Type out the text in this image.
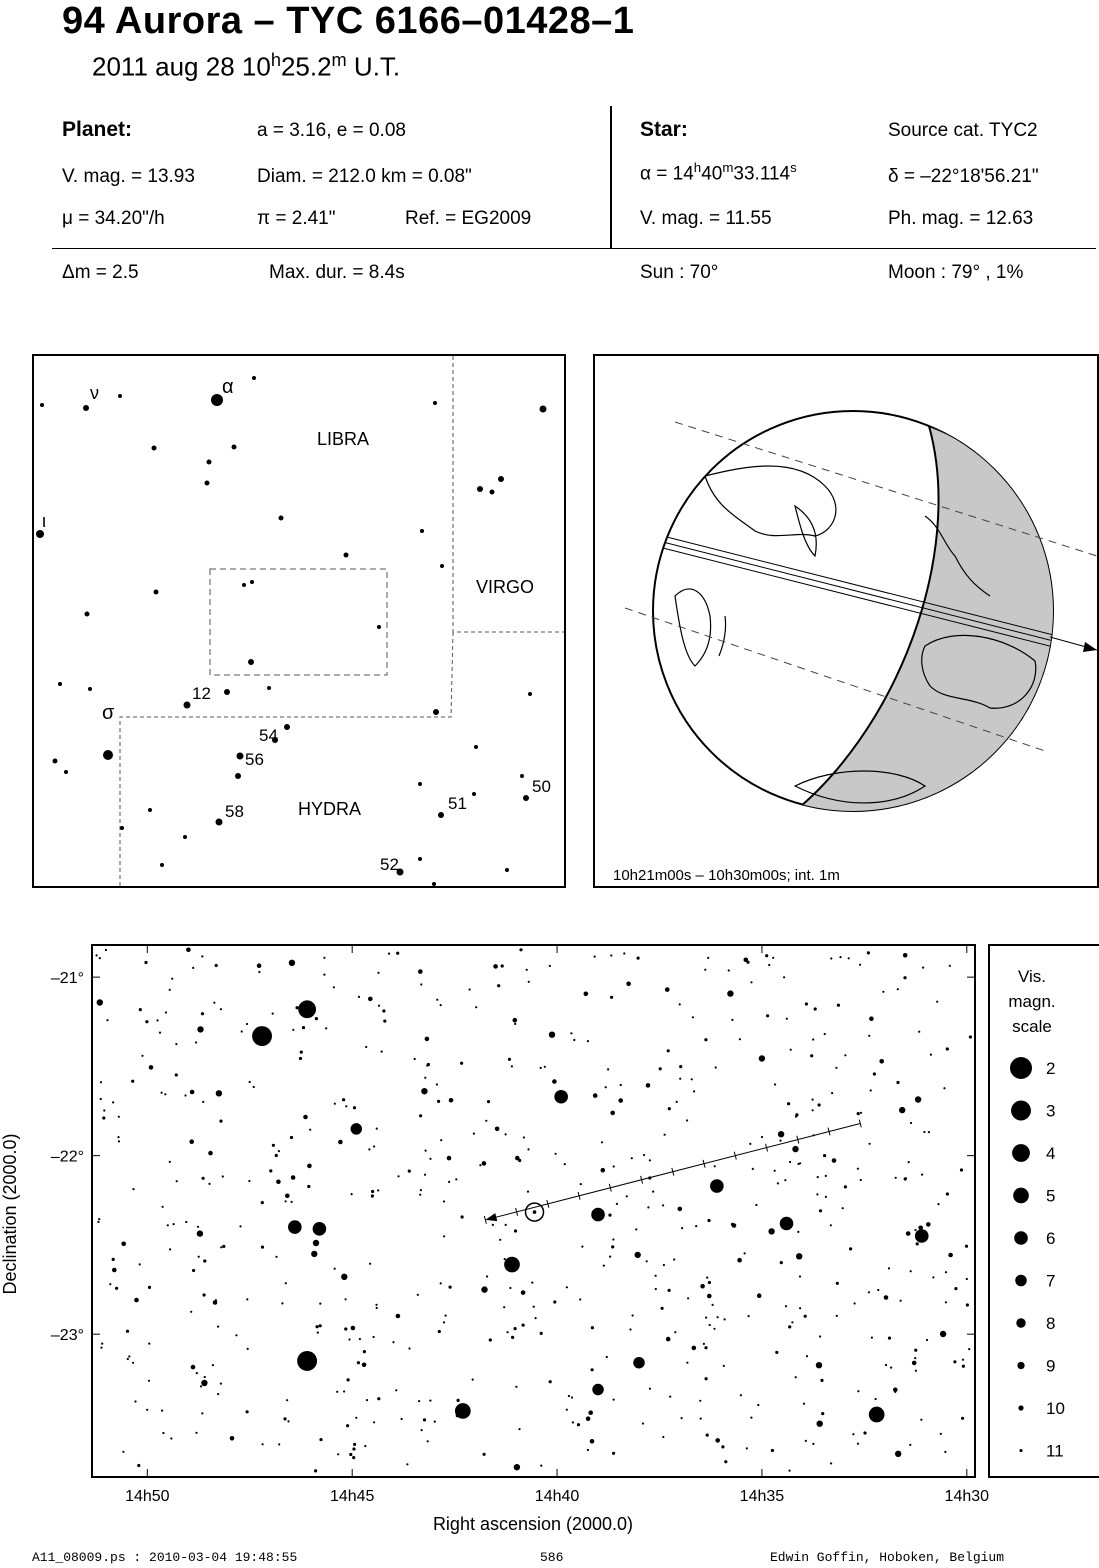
94 Aurora – TYC 6166–01428–1
2011 aug 28 10$^h$25.2$^m$ U.T.
Planet:	a = 3.16, e = 0.08
V. mag. = 13.93	Diam. = 212.0 km = 0.08"
μ = 34.20"/h	π = 2.41"	Ref. = EG2009
Star:	Source cat. TYC2
$\alpha = 14^h40^m33.114^s$	δ = –22°18'56.21"
V. mag. = 11.55	Ph. mag. = 12.63
Δm = 2.5	Max. dur. = 8.4s	Sun : 70°	Moon : 79° , 1%
LIBRA
VIRGO
HYDRA
α
ν
ι
σ
12
54
56
58	51
50
52
10h21m00s – 10h30m00s; int. 1m
14h50	14h45	14h40	14h35	14h30
–21°
–22°
–23°
Right ascension (2000.0)
Declination (2000.0)
Vis.
magn.
scale
2
3
4
5
6
7
8
9
10
11
A11_08009.ps : 2010-03-04 19:48:55	586	Edwin Goffin, Hoboken, Belgium
